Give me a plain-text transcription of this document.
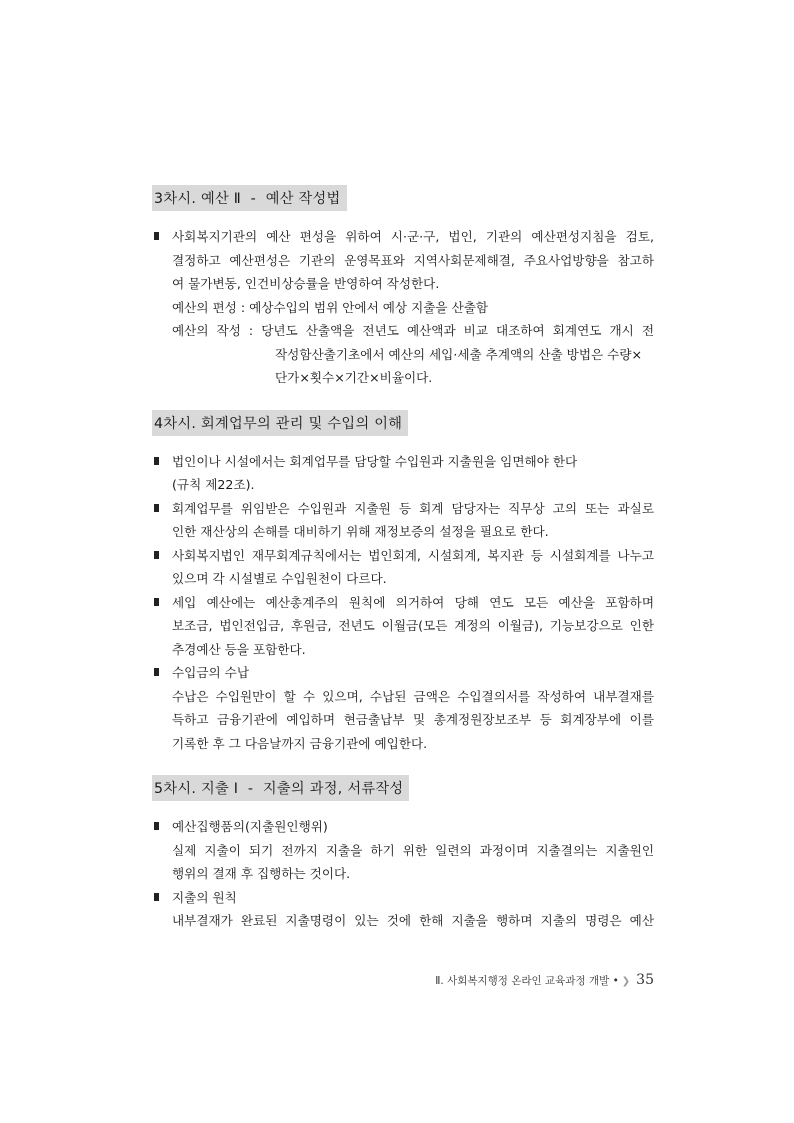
3차시. 예산 Ⅱ  -  예산 작성법
사회복지기관의 예산 편성을 위하여 시·군·구, 법인, 기관의 예산편성지침을 검토,
결정하고 예산편성은 기관의 운영목표와 지역사회문제해결, 주요사업방향을 참고하
여 물가변동, 인건비상승률을 반영하여 작성한다.
예산의 편성 : 예상수입의 범위 안에서 예상 지출을 산출함
예산의 작성 : 당년도 산출액을 전년도 예산액과 비교 대조하여 회계연도 개시 전
작성함산출기초에서 예산의 세입·세출 추계액의 산출 방법은 수량×
단가×횟수×기간×비율이다.
4차시. 회계업무의 관리 및 수입의 이해
법인이나 시설에서는 회계업무를 담당할 수입원과 지출원을 임면해야 한다
(규칙 제22조).
회계업무를 위임받은 수입원과 지출원 등 회계 담당자는 직무상 고의 또는 과실로
인한 재산상의 손해를 대비하기 위해 재정보증의 설정을 필요로 한다.
사회복지법인 재무회계규칙에서는 법인회계, 시설회계, 복지관 등 시설회계를 나누고
있으며 각 시설별로 수입원천이 다르다.
세입 예산에는 예산총계주의 원칙에 의거하여 당해 연도 모든 예산을 포함하며
보조금, 법인전입금, 후원금, 전년도 이월금(모든 계정의 이월금), 기능보강으로 인한
추경예산 등을 포함한다.
수입금의 수납
수납은 수입원만이 할 수 있으며, 수납된 금액은 수입결의서를 작성하여 내부결재를
득하고 금융기관에 예입하며 현금출납부 및 총계정원장보조부 등 회계장부에 이를
기록한 후 그 다음날까지 금융기관에 예입한다.
5차시. 지출 Ⅰ  -  지출의 과정, 서류작성
예산집행품의(지출원인행위)
실제 지출이 되기 전까지 지출을 하기 위한 일련의 과정이며 지출결의는 지출원인
행위의 결재 후 집행하는 것이다.
지출의 원칙
내부결재가 완료된 지출명령이 있는 것에 한해 지출을 행하며 지출의 명령은 예산
Ⅱ. 사회복지행정 온라인 교육과정 개발 • ❯ 35
